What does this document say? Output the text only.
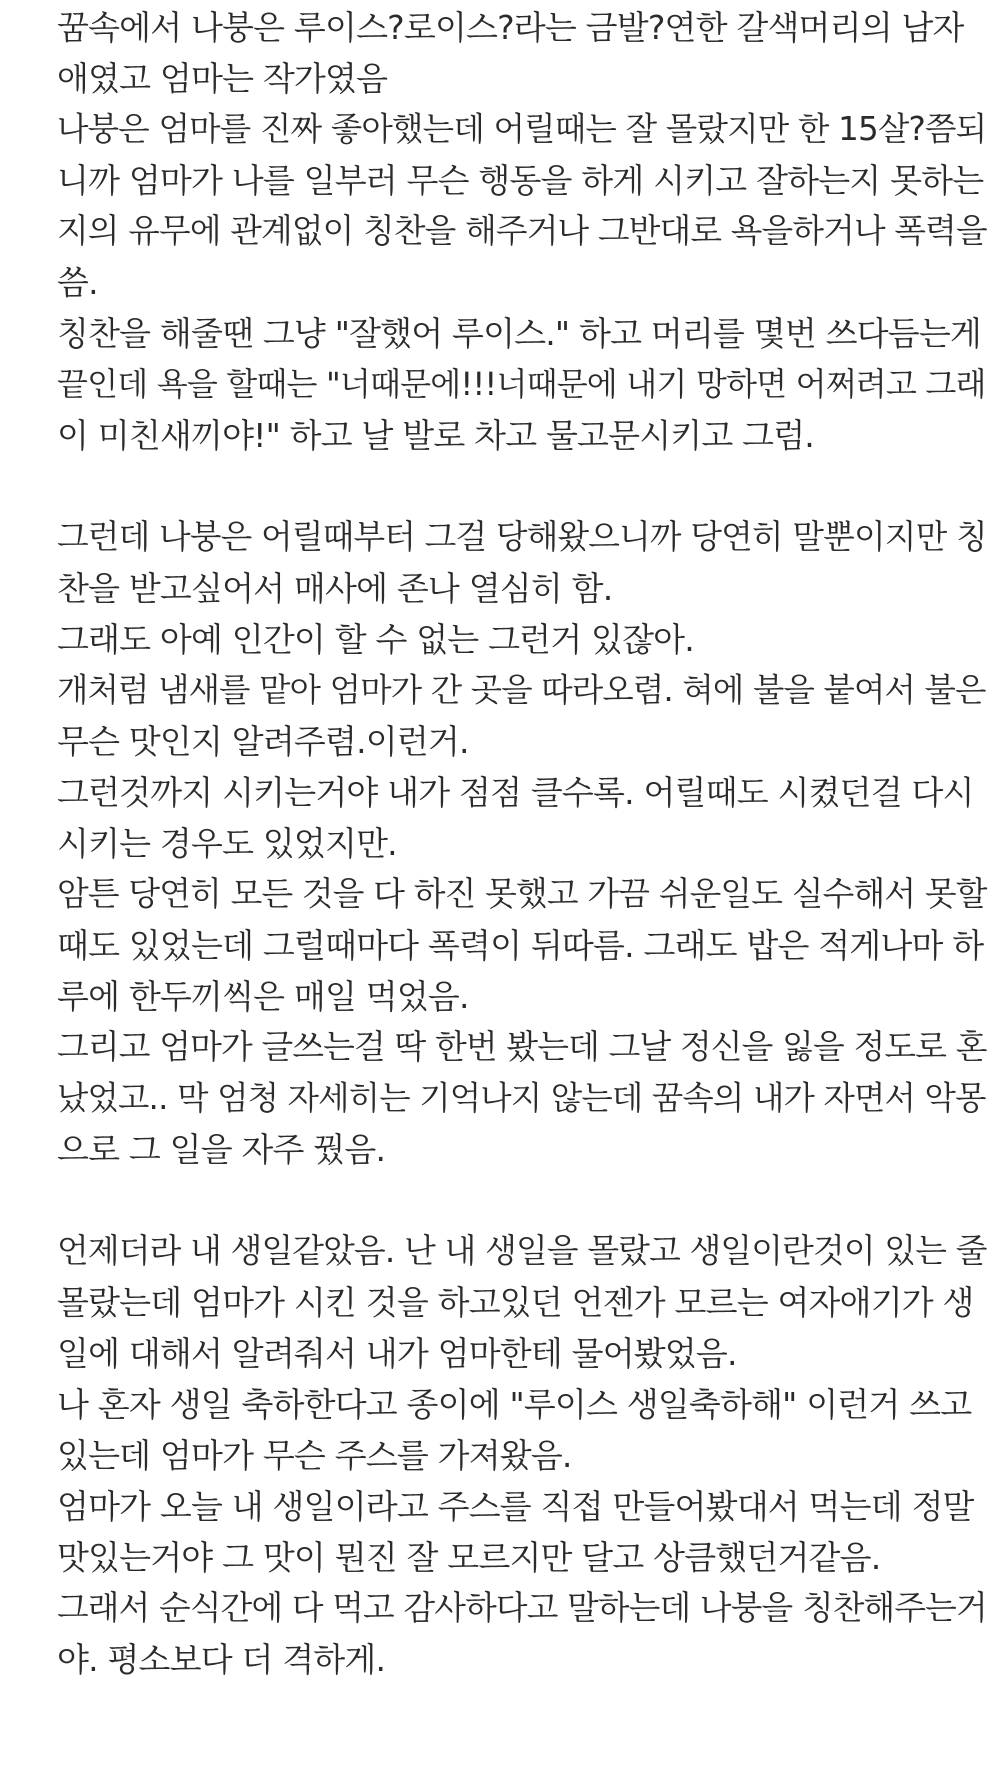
꿈속에서 나붕은 루이스?로이스?라는 금발?연한 갈색머리의 남자
애였고 엄마는 작가였음
나붕은 엄마를 진짜 좋아했는데 어릴때는 잘 몰랐지만 한 15살?쯤되
니까 엄마가 나를 일부러 무슨 행동을 하게 시키고 잘하는지 못하는
지의 유무에 관계없이 칭찬을 해주거나 그반대로 욕을하거나 폭력을
씀.
칭찬을 해줄땐 그냥 "잘했어 루이스." 하고 머리를 몇번 쓰다듬는게
끝인데 욕을 할때는 "너때문에!!!너때문에 내기 망하면 어쩌려고 그래
이 미친새끼야!" 하고 날 발로 차고 물고문시키고 그럼.
그런데 나붕은 어릴때부터 그걸 당해왔으니까 당연히 말뿐이지만 칭
찬을 받고싶어서 매사에 존나 열심히 함.
그래도 아예 인간이 할 수 없는 그런거 있잖아.
개처럼 냄새를 맡아 엄마가 간 곳을 따라오렴. 혀에 불을 붙여서 불은
무슨 맛인지 알려주렴.이런거.
그런것까지 시키는거야 내가 점점 클수록. 어릴때도 시켰던걸 다시
시키는 경우도 있었지만.
암튼 당연히 모든 것을 다 하진 못했고 가끔 쉬운일도 실수해서 못할
때도 있었는데 그럴때마다 폭력이 뒤따름. 그래도 밥은 적게나마 하
루에 한두끼씩은 매일 먹었음.
그리고 엄마가 글쓰는걸 딱 한번 봤는데 그날 정신을 잃을 정도로 혼
났었고.. 막 엄청 자세히는 기억나지 않는데 꿈속의 내가 자면서 악몽
으로 그 일을 자주 꿨음.
언제더라 내 생일같았음. 난 내 생일을 몰랐고 생일이란것이 있는 줄
몰랐는데 엄마가 시킨 것을 하고있던 언젠가 모르는 여자애기가 생
일에 대해서 알려줘서 내가 엄마한테 물어봤었음.
나 혼자 생일 축하한다고 종이에 "루이스 생일축하해" 이런거 쓰고
있는데 엄마가 무슨 주스를 가져왔음.
엄마가 오늘 내 생일이라고 주스를 직접 만들어봤대서 먹는데 정말
맛있는거야 그 맛이 뭔진 잘 모르지만 달고 상큼했던거같음.
그래서 순식간에 다 먹고 감사하다고 말하는데 나붕을 칭찬해주는거
야. 평소보다 더 격하게.
